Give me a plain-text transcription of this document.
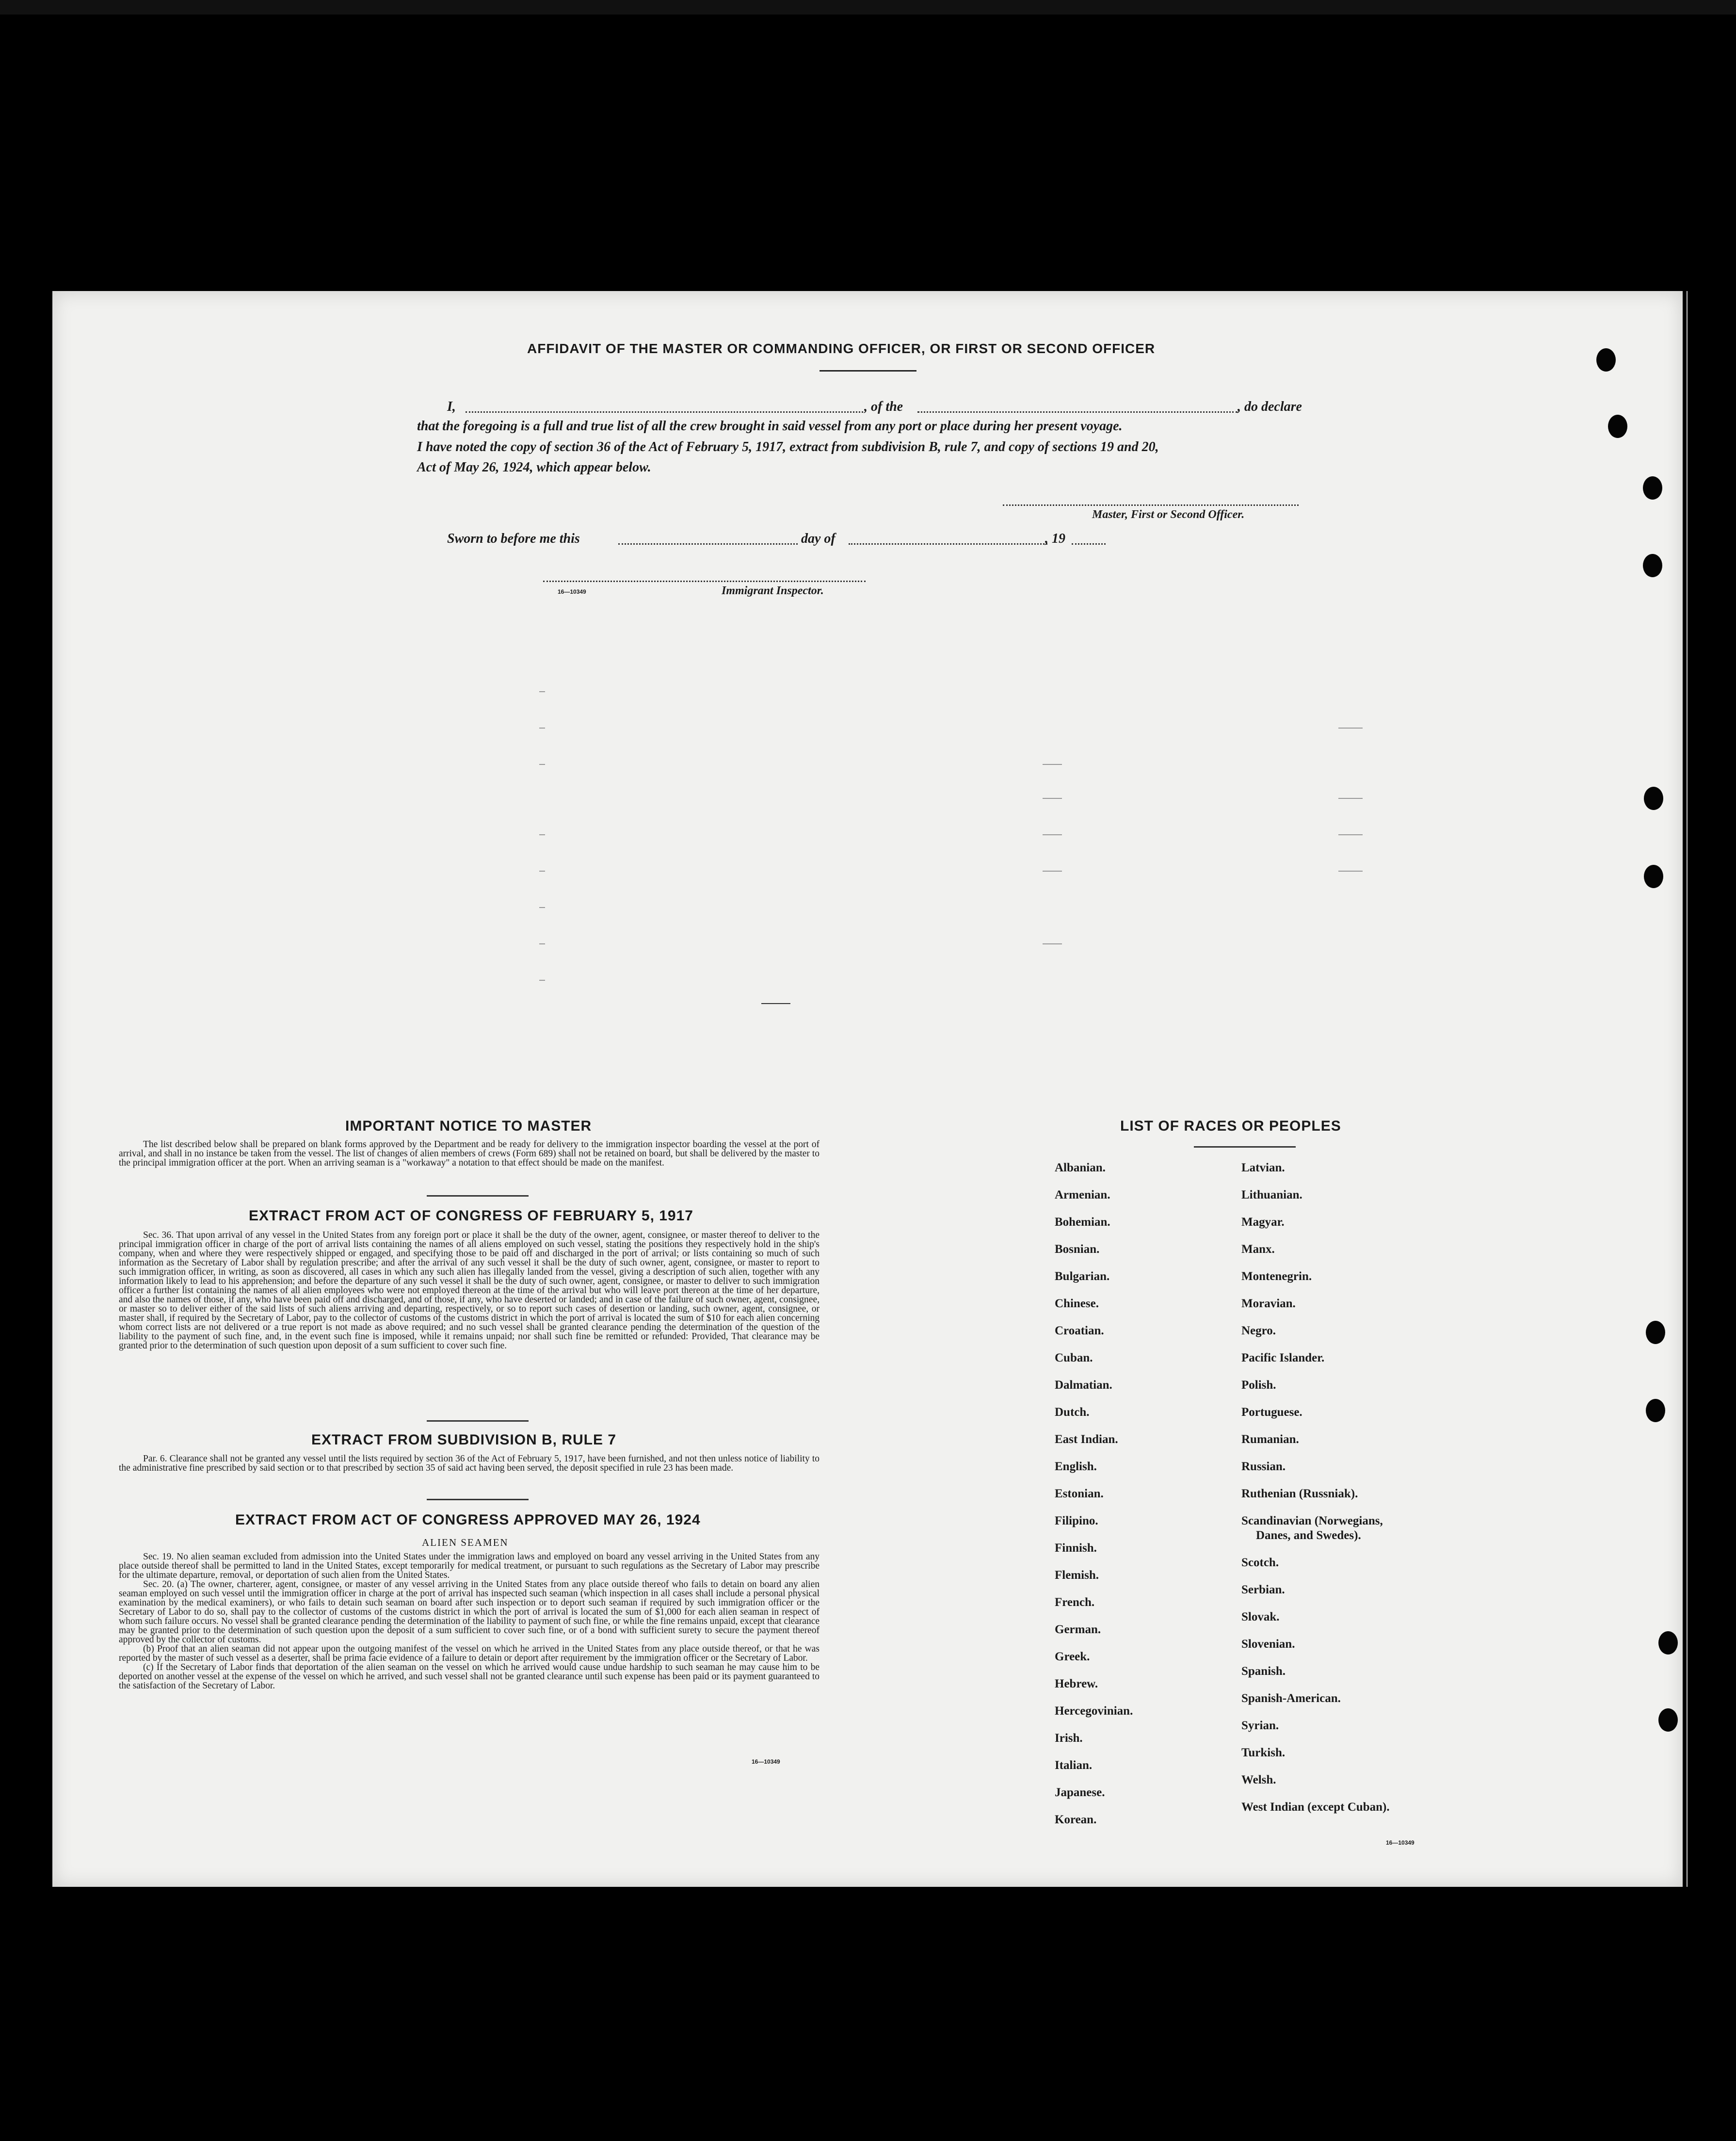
AFFIDAVIT OF THE MASTER OR COMMANDING OFFICER, OR FIRST OR SECOND OFFICER
I,	, of the	, do declare
that the foregoing is a full and true list of all the crew brought in said vessel from any port or place during her present voyage.
I have noted the copy of section 36 of the Act of February 5, 1917, extract from subdivision B, rule 7, and copy of sections 19 and 20,
Act of May 26, 1924, which appear below.
Master, First or Second Officer.
Sworn to before me this	day of	, 19
16—10349	Immigrant Inspector.
IMPORTANT NOTICE TO MASTER

The list described below shall be prepared on blank forms approved by the Department and be ready for delivery to the immigration inspector boarding the vessel at the port of arrival, and shall in no instance be taken from the vessel. The list of changes of alien members of crews (Form 689) shall not be retained on board, but shall be delivered by the master to the principal immigration officer at the port. When an arriving seaman is a "workaway" a notation to that effect should be made on the manifest.

EXTRACT FROM ACT OF CONGRESS OF FEBRUARY 5, 1917

Sec. 36. That upon arrival of any vessel in the United States from any foreign port or place it shall be the duty of the owner, agent, consignee, or master thereof to deliver to the principal immigration officer in charge of the port of arrival lists containing the names of all aliens employed on such vessel, stating the positions they respectively hold in the ship's company, when and where they were respectively shipped or engaged, and specifying those to be paid off and discharged in the port of arrival; or lists containing so much of such information as the Secretary of Labor shall by regulation prescribe; and after the arrival of any such vessel it shall be the duty of such owner, agent, consignee, or master to report to such immigration officer, in writing, as soon as discovered, all cases in which any such alien has illegally landed from the vessel, giving a description of such alien, together with any information likely to lead to his apprehension; and before the departure of any such vessel it shall be the duty of such owner, agent, consignee, or master to deliver to such immigration officer a further list containing the names of all alien employees who were not employed thereon at the time of the arrival but who will leave port thereon at the time of her departure, and also the names of those, if any, who have been paid off and discharged, and of those, if any, who have deserted or landed; and in case of the failure of such owner, agent, consignee, or master so to deliver either of the said lists of such aliens arriving and departing, respectively, or so to report such cases of desertion or landing, such owner, agent, consignee, or master shall, if required by the Secretary of Labor, pay to the collector of customs of the customs district in which the port of arrival is located the sum of $10 for each alien concerning whom correct lists are not delivered or a true report is not made as above required; and no such vessel shall be granted clearance pending the determination of the question of the liability to the payment of such fine, and, in the event such fine is imposed, while it remains unpaid; nor shall such fine be remitted or refunded: Provided, That clearance may be granted prior to the determination of such question upon deposit of a sum sufficient to cover such fine.

EXTRACT FROM SUBDIVISION B, RULE 7

Par. 6. Clearance shall not be granted any vessel until the lists required by section 36 of the Act of February 5, 1917, have been furnished, and not then unless notice of liability to the administrative fine prescribed by said section or to that prescribed by section 35 of said act having been served, the deposit specified in rule 23 has been made.

EXTRACT FROM ACT OF CONGRESS APPROVED MAY 26, 1924
ALIEN SEAMEN

Sec. 19. No alien seaman excluded from admission into the United States under the immigration laws and employed on board any vessel arriving in the United States from any place outside thereof shall be permitted to land in the United States, except temporarily for medical treatment, or pursuant to such regulations as the Secretary of Labor may prescribe for the ultimate departure, removal, or deportation of such alien from the United States.

Sec. 20. (a) The owner, charterer, agent, consignee, or master of any vessel arriving in the United States from any place outside thereof who fails to detain on board any alien seaman employed on such vessel until the immigration officer in charge at the port of arrival has inspected such seaman (which inspection in all cases shall include a personal physical examination by the medical examiners), or who fails to detain such seaman on board after such inspection or to deport such seaman if required by such immigration officer or the Secretary of Labor to do so, shall pay to the collector of customs of the customs district in which the port of arrival is located the sum of $1,000 for each alien seaman in respect of whom such failure occurs. No vessel shall be granted clearance pending the determination of the liability to payment of such fine, or while the fine remains unpaid, except that clearance may be granted prior to the determination of such question upon the deposit of a sum sufficient to cover such fine, or of a bond with sufficient surety to secure the payment thereof approved by the collector of customs.

(b) Proof that an alien seaman did not appear upon the outgoing manifest of the vessel on which he arrived in the United States from any place outside thereof, or that he was reported by the master of such vessel as a deserter, shall be prima facie evidence of a failure to detain or deport after requirement by the immigration officer or the Secretary of Labor.

(c) If the Secretary of Labor finds that deportation of the alien seaman on the vessel on which he arrived would cause undue hardship to such seaman he may cause him to be deported on another vessel at the expense of the vessel on which he arrived, and such vessel shall not be granted clearance until such expense has been paid or its payment guaranteed to the satisfaction of the Secretary of Labor.

16—10349
LIST OF RACES OR PEOPLES
Albanian.
Armenian.
Bohemian.
Bosnian.
Bulgarian.
Chinese.
Croatian.
Cuban.
Dalmatian.
Dutch.
East Indian.
English.
Estonian.
Filipino.
Finnish.
Flemish.
French.
German.
Greek.
Hebrew.
Hercegovinian.
Irish.
Italian.
Japanese.
Korean.
Latvian.
Lithuanian.
Magyar.
Manx.
Montenegrin.
Moravian.
Negro.
Pacific Islander.
Polish.
Portuguese.
Rumanian.
Russian.
Ruthenian (Russniak).
Scandinavian (Norwegians,
Danes, and Swedes).
Scotch.
Serbian.
Slovak.
Slovenian.
Spanish.
Spanish-American.
Syrian.
Turkish.
Welsh.
West Indian (except Cuban).
16—10349
